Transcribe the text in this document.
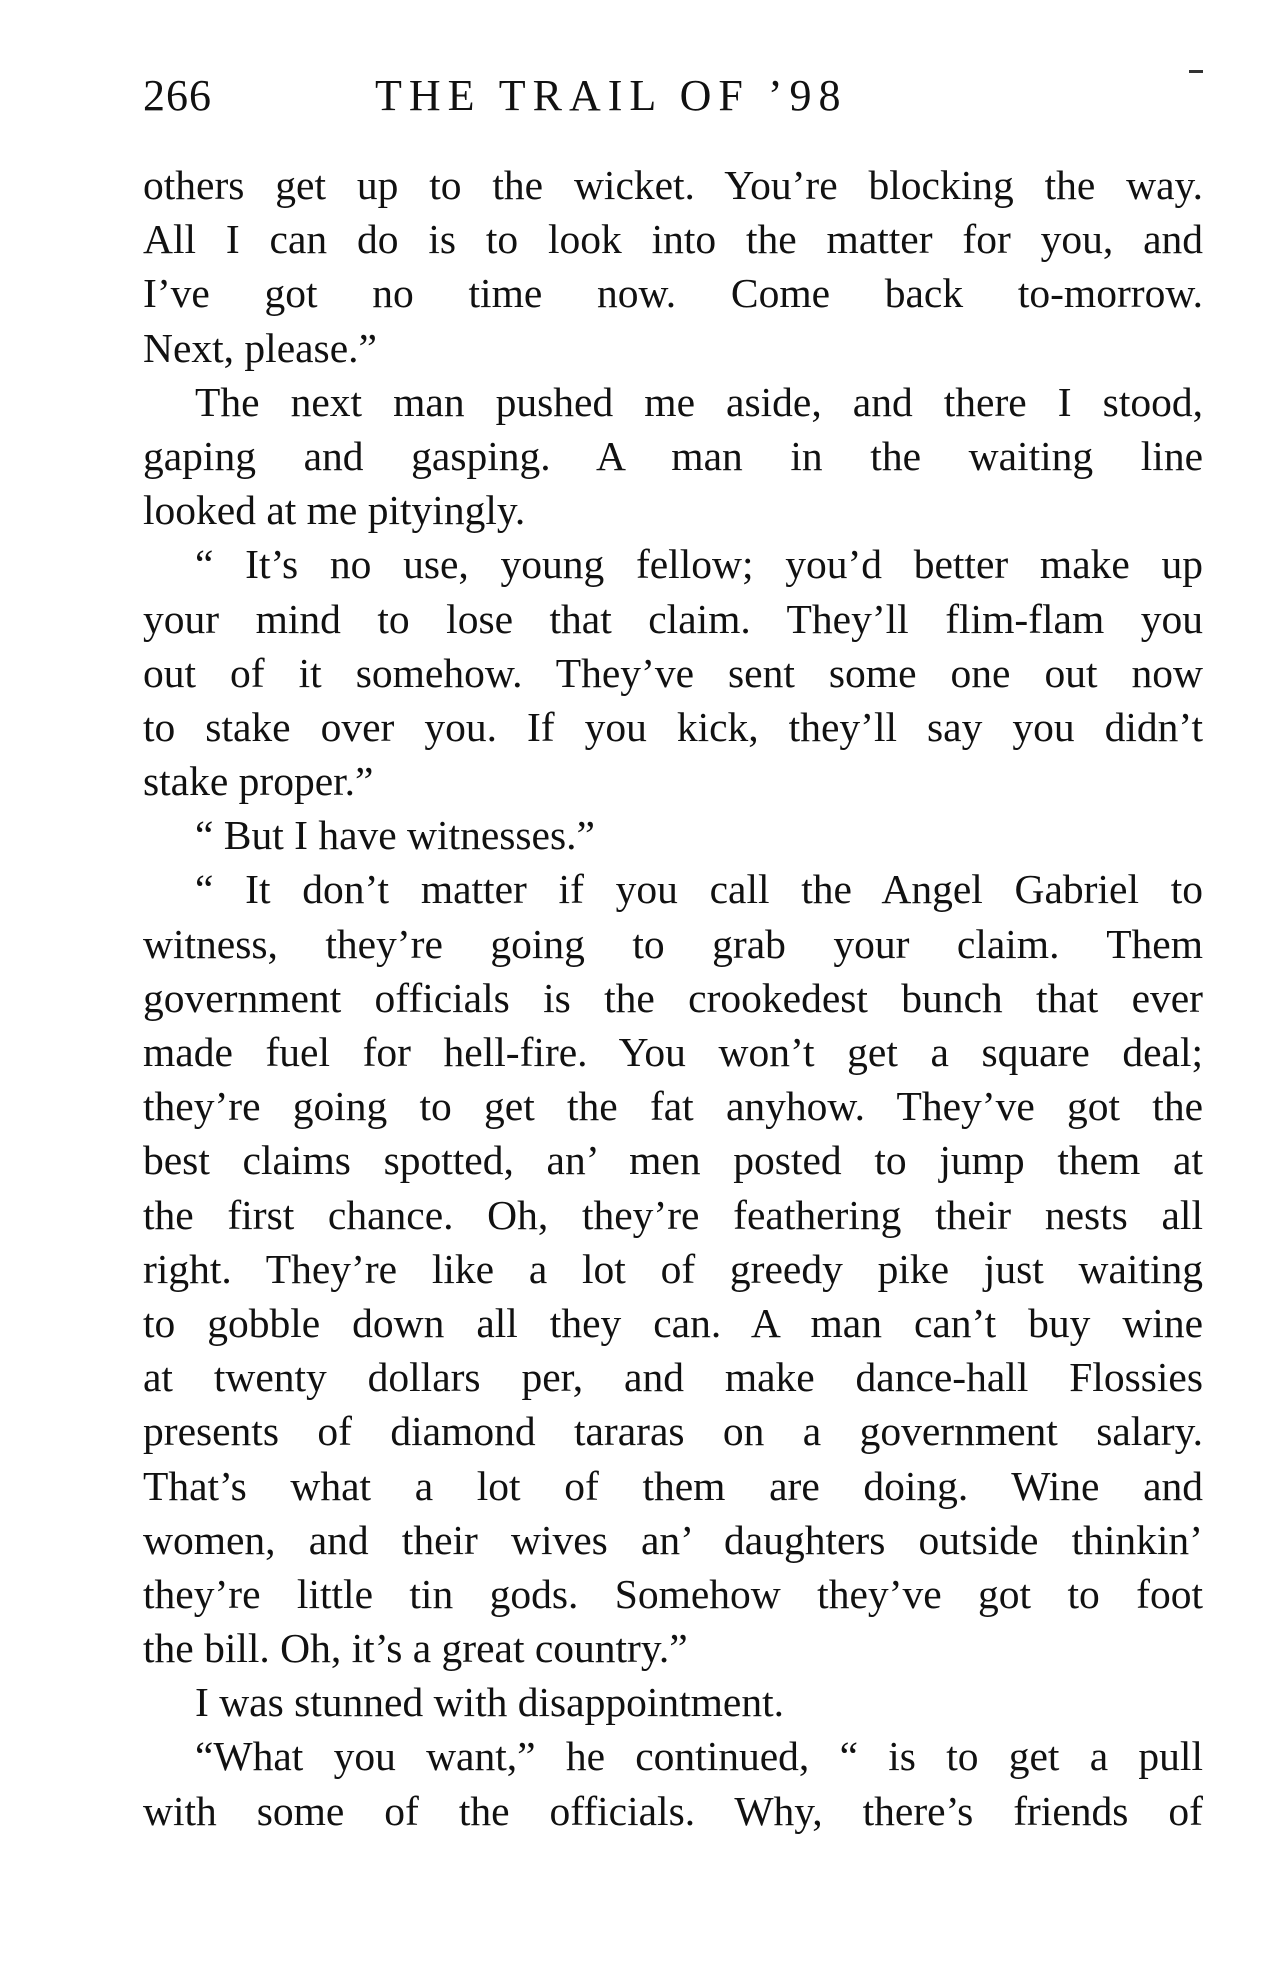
266	THE TRAIL OF ’98
others get up to the wicket. You’re blocking the way.
All I can do is to look into the matter for you, and
I’ve got no time now. Come back to-morrow.
Next, please.”
The next man pushed me aside, and there I stood,
gaping and gasping. A man in the waiting line
looked at me pityingly.
“ It’s no use, young fellow; you’d better make up
your mind to lose that claim. They’ll flim-flam you
out of it somehow. They’ve sent some one out now
to stake over you. If you kick, they’ll say you didn’t
stake proper.”
“ But I have witnesses.”
“ It don’t matter if you call the Angel Gabriel to
witness, they’re going to grab your claim. Them
government officials is the crookedest bunch that ever
made fuel for hell-fire. You won’t get a square deal;
they’re going to get the fat anyhow. They’ve got the
best claims spotted, an’ men posted to jump them at
the first chance. Oh, they’re feathering their nests all
right. They’re like a lot of greedy pike just waiting
to gobble down all they can. A man can’t buy wine
at twenty dollars per, and make dance-hall Flossies
presents of diamond tararas on a government salary.
That’s what a lot of them are doing. Wine and
women, and their wives an’ daughters outside thinkin’
they’re little tin gods. Somehow they’ve got to foot
the bill. Oh, it’s a great country.”
I was stunned with disappointment.
“What you want,” he continued, “ is to get a pull
with some of the officials. Why, there’s friends of
